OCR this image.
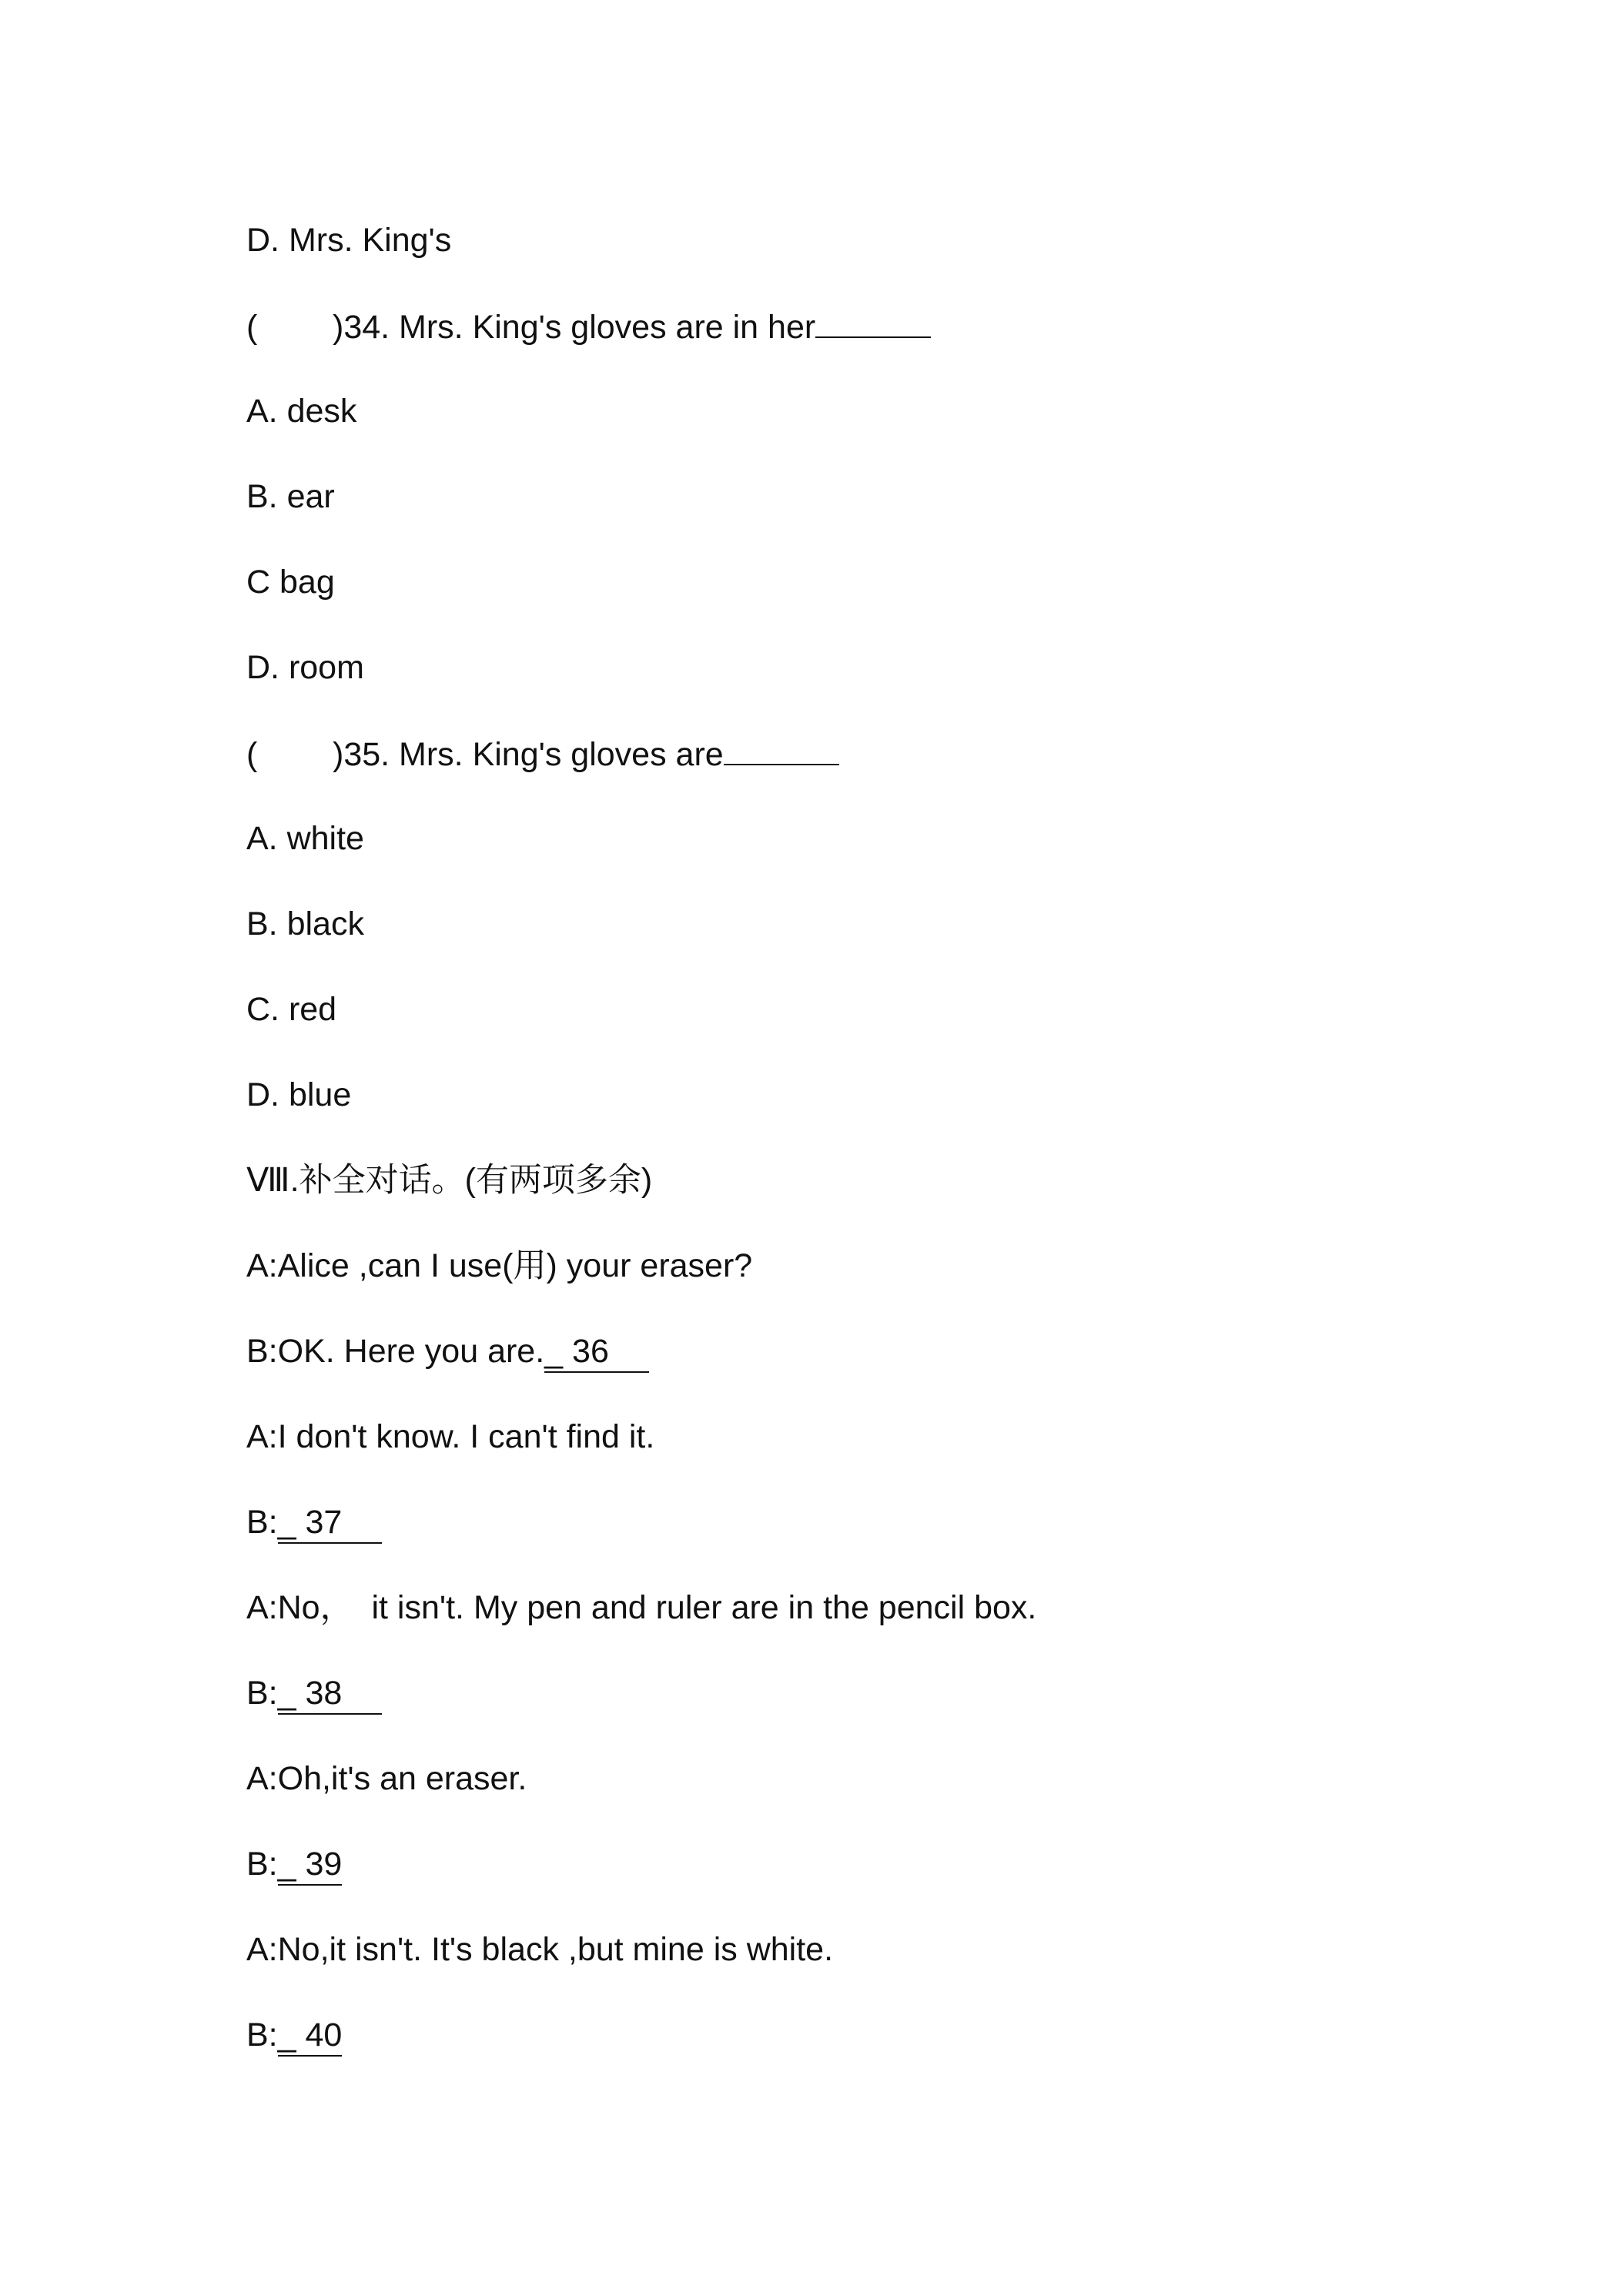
D. Mrs. King's

( )34. Mrs. King's gloves are in her

A. desk

B. ear

C bag

D. room

( )35. Mrs. King's gloves are

A. white

B. black

C. red

D. blue

Ⅷ.补全对话。(有两项多余)

A:Alice ,can I use(用) your eraser?

B:OK. Here you are._ 36

A:I don't know. I can't find it.

B:_ 37

A:No，  it isn't. My pen and ruler are in the pencil box.

B:_ 38

A:Oh,it's an eraser.

B:_ 39

A:No,it isn't. It's black ,but mine is white.

B:_ 40
